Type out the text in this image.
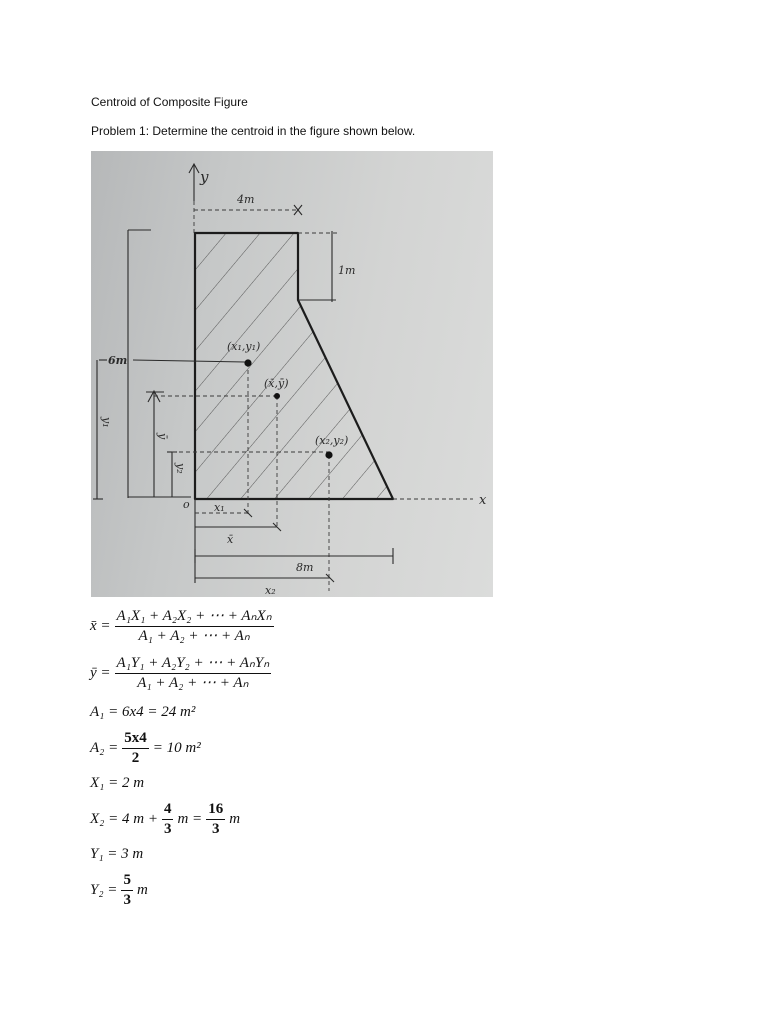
Centroid of Composite Figure
Problem 1: Determine the centroid in the figure shown below.
y
x
o
4m
1m
6m
y₁
ȳ
y₂
(x₁,y₁)
(x̄,ȳ)
(x₂,y₂)
x₁
x̄
8m
x₂
x̄ = $\frac{\text{A₁X₁ + A₂X₂ + ⋯ + AₙXₙ}}{\text{A₁ + A₂ + ⋯ + Aₙ}}$
ȳ = $\frac{\text{A₁Y₁ + A₂Y₂ + ⋯ + AₙYₙ}}{\text{A₁ + A₂ + ⋯ + Aₙ}}$
A₁ = 6x4 = 24 m²
$A_2 = \frac{5x4}{2} = 10$ m²
X₁ = 2 m
X₂ = 4 $m + \frac{4}{3}$ $m = \frac{16}{3}$ m
Y₁ = 3 m
$Y_2 = \frac{5}{3}$ m
